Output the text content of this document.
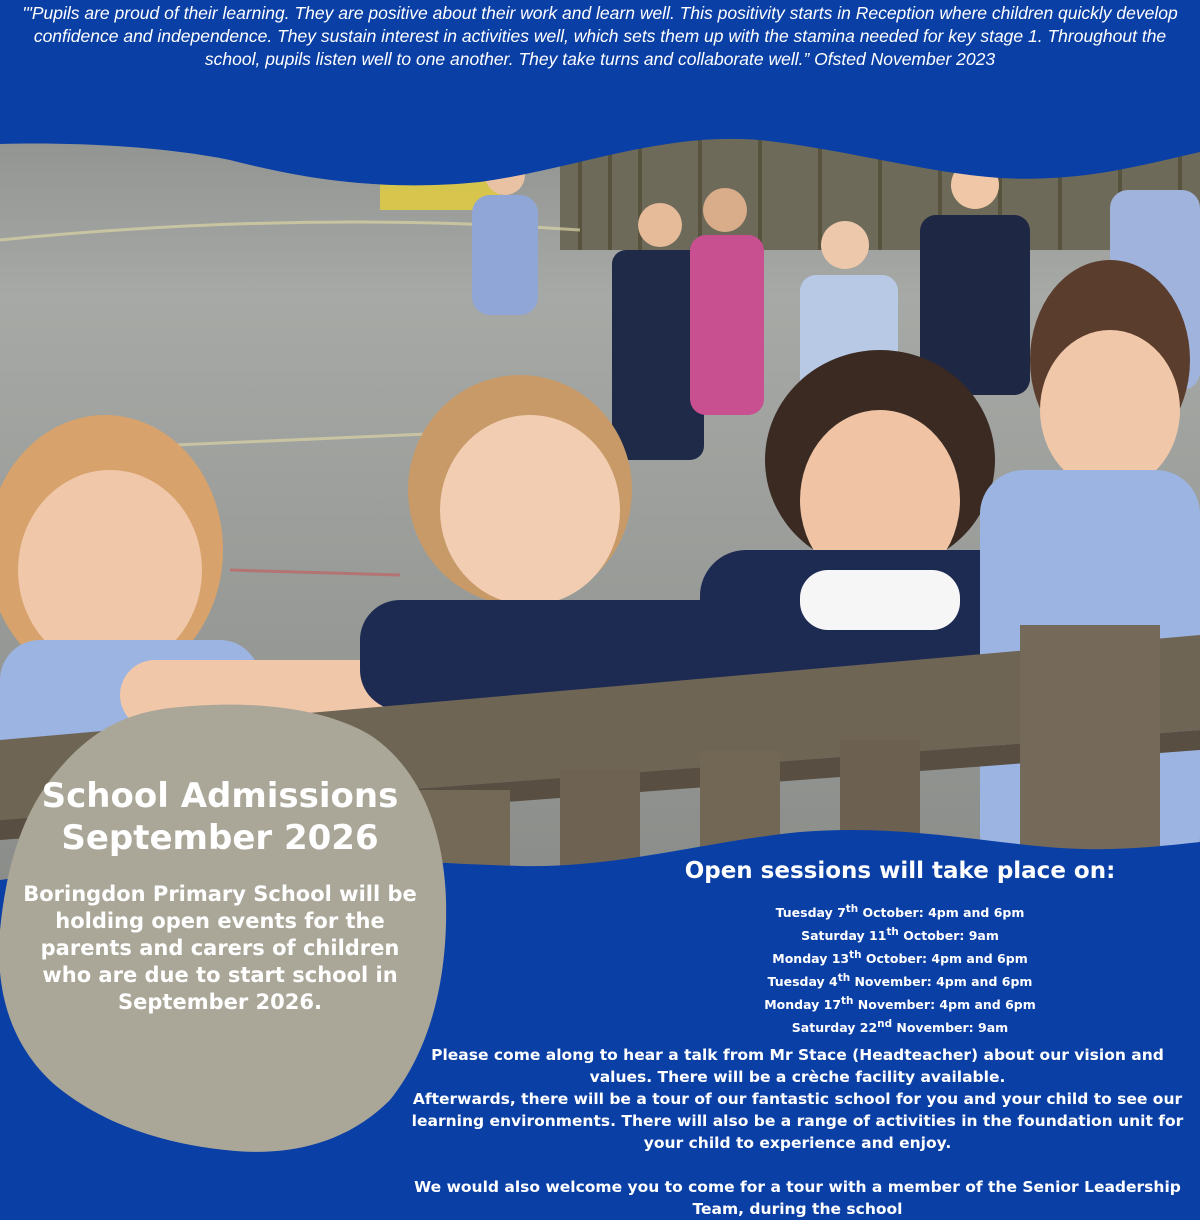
'"Pupils are proud of their learning. They are positive about their work and learn well. This positivity starts in Reception where children quickly develop confidence and independence. They sustain interest in activities well, which sets them up with the stamina needed for key stage 1. Throughout the school, pupils listen well to one another. They take turns and collaborate well.” Ofsted November 2023

School Admissions
September 2026

Boringdon Primary School will be holding open events for the parents and carers of children who are due to start school in September 2026.

Open sessions will take place on:
Tuesday 7th October: 4pm and 6pm
Saturday 11th October: 9am
Monday 13th October: 4pm and 6pm
Tuesday 4th November: 4pm and 6pm
Monday 17th November: 4pm and 6pm
Saturday 22nd November: 9am

Please come along to hear a talk from Mr Stace (Headteacher) about our vision and values. There will be a crèche facility available.

Afterwards, there will be a tour of our fantastic school for you and your child to see our learning environments. There will also be a range of activities in the foundation unit for your child to experience and enjoy.

We would also welcome you to come for a tour with a member of the Senior Leadership Team, during the school
